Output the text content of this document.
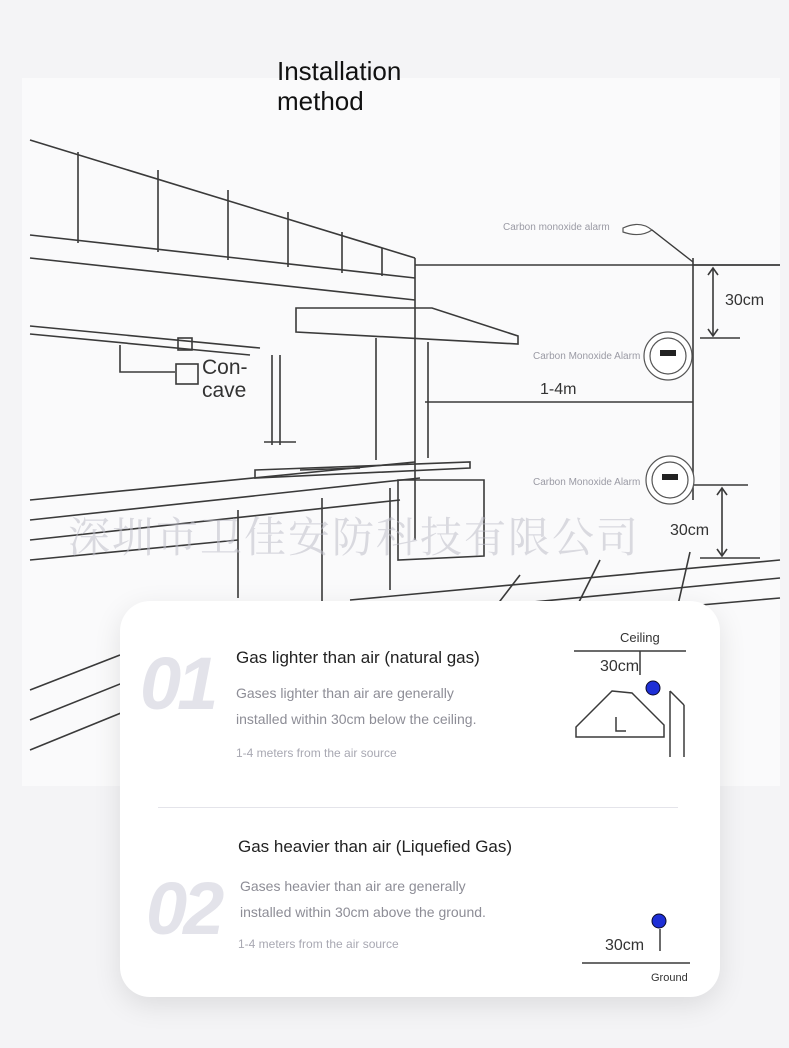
深圳市卫佳安防科技有限公司
Installation method
Carbon monoxide alarm
Carbon Monoxide Alarm
Carbon Monoxide Alarm
30cm
1-4m
30cm
Con- cave
01 Gas lighter than air (natural gas)
Gases lighter than air are generally installed within 30cm below the ceiling.
1-4 meters from the air source
Ceiling
30cm
02
Gas heavier than air (Liquefied Gas)
Gases heavier than air are generally installed within 30cm above the ground.
1-4 meters from the air source	30cm
Ground
